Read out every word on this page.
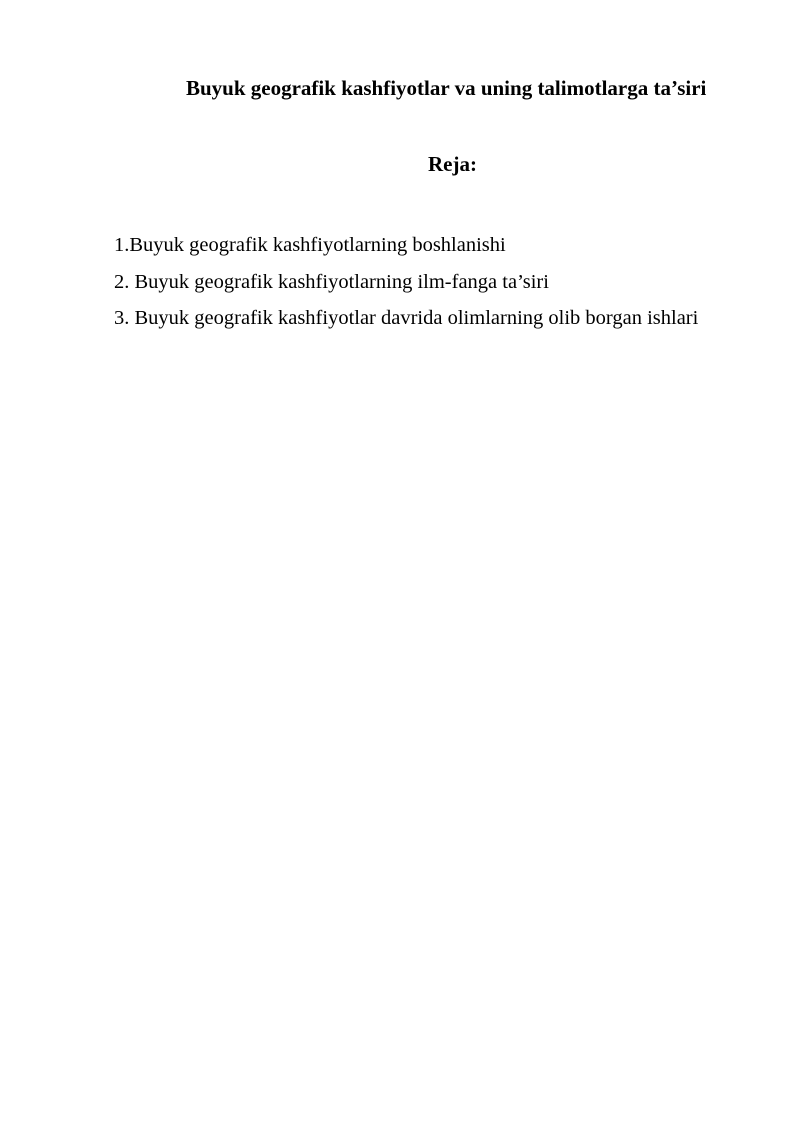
Buyuk geografik kashfiyotlar va uning talimotlarga ta’siri
Reja:
1.Buyuk geografik kashfiyotlarning boshlanishi
2. Buyuk geografik kashfiyotlarning ilm-fanga ta’siri
3. Buyuk geografik kashfiyotlar davrida olimlarning olib borgan ishlari
